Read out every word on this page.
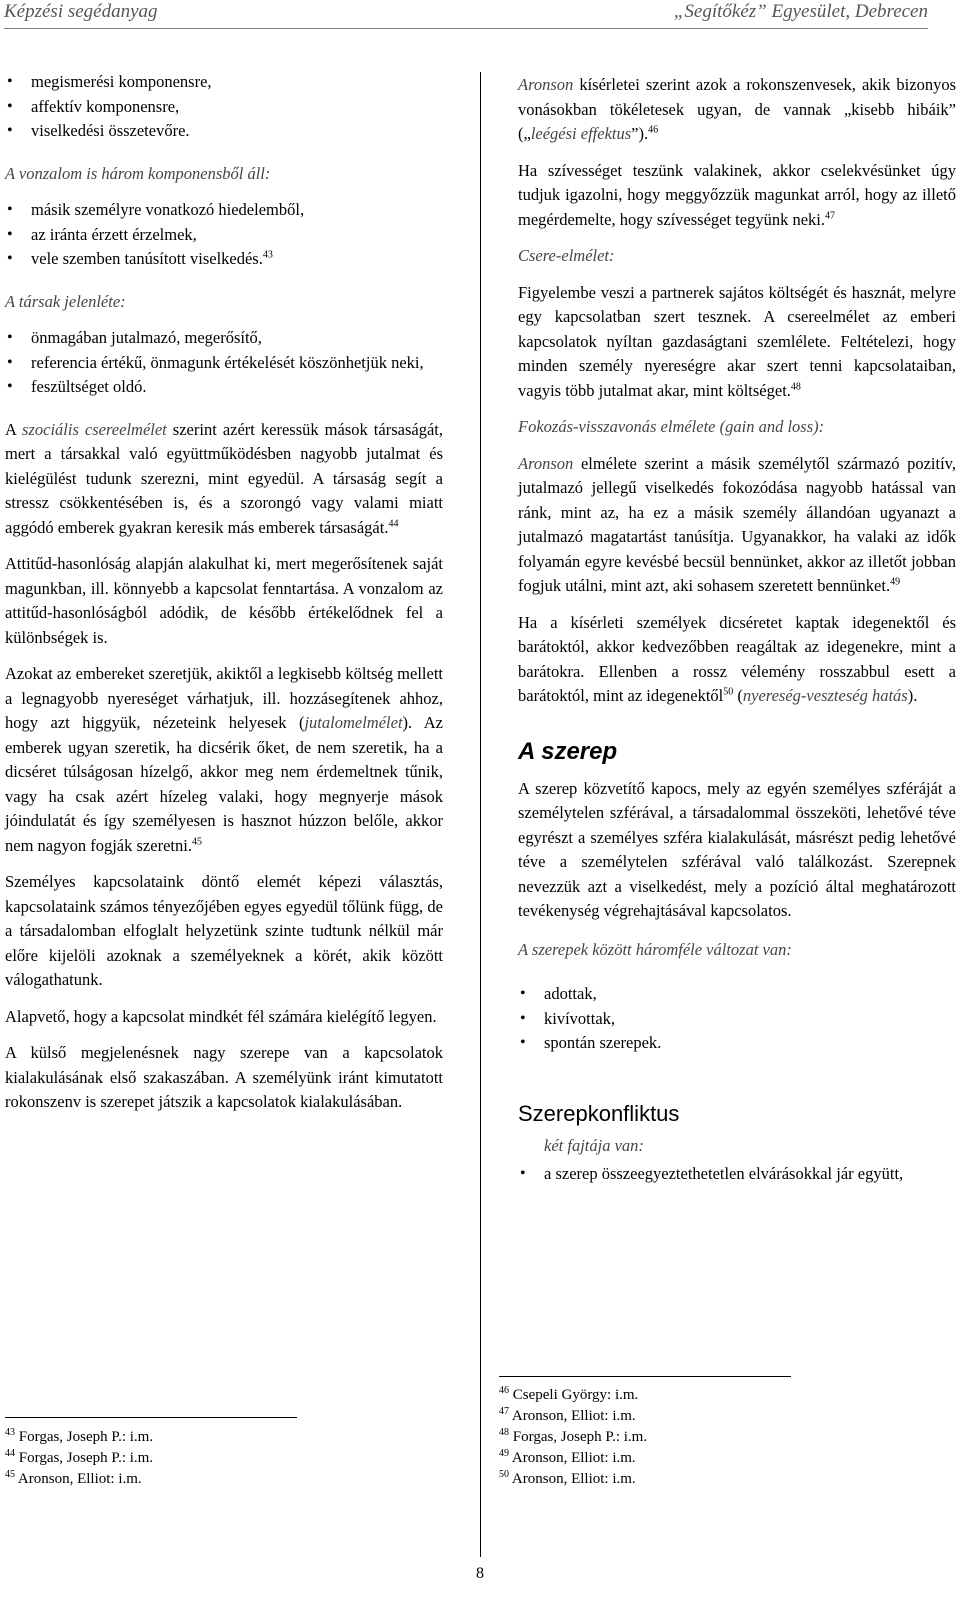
Képzési segédanyag	„Segítőkéz” Egyesület, Debrecen
• megismerési komponensre,
• affektív komponensre,
• viselkedési összetevőre.
A vonzalom is három komponensből áll:
• másik személyre vonatkozó hiedelemből,
• az iránta érzett érzelmek,
• vele szemben tanúsított viselkedés.$^{43}$
A társak jelenléte:
• önmagában jutalmazó, megerősítő,
• referencia értékű, önmagunk értékelését köszönhetjük neki,
• feszültséget oldó.

A szociális csereelmélet szerint azért keressük mások társaságát, mert a társakkal való együttműködésben nagyobb jutalmat és kielégülést tudunk szerezni, mint egyedül. A társaság segít a stressz csökkentésében is, és a szorongó vagy valami miatt aggódó emberek gyakran keresik más emberek társaságát.$^{44}$

Attitűd-hasonlóság alapján alakulhat ki, mert megerősítenek saját magunkban, ill. könnyebb a kapcsolat fenntartása. A vonzalom az attitűd-hasonlóságból adódik, de később értékelődnek fel a különbségek is.

Azokat az embereket szeretjük, akiktől a legkisebb költség mellett a legnagyobb nyereséget várhatjuk, ill. hozzásegítenek ahhoz, hogy azt higgyük, nézeteink helyesek (jutalomelmélet). Az emberek ugyan szeretik, ha dicsérik őket, de nem szeretik, ha a dicséret túlságosan hízelgő, akkor meg nem érdemeltnek tűnik, vagy ha csak azért hízeleg valaki, hogy megnyerje mások jóindulatát és így személyesen is hasznot húzzon belőle, akkor nem nagyon fogják szeretni.$^{45}$

Személyes kapcsolataink döntő elemét képezi választás, kapcsolataink számos tényezőjében egyes egyedül tőlünk függ, de a társadalomban elfoglalt helyzetünk szinte tudtunk nélkül már előre kijelöli azoknak a személyeknek a körét, akik között válogathatunk.

Alapvető, hogy a kapcsolat mindkét fél számára kielégítő legyen.

A külső megjelenésnek nagy szerepe van a kapcsolatok kialakulásának első szakaszában. A személyünk iránt kimutatott rokonszenv is szerepet játszik a kapcsolatok kialakulásában.

Aronson kísérletei szerint azok a rokonszenvesek, akik bizonyos vonásokban tökéletesek ugyan, de vannak „kisebb hibáik” („leégési effektus”).$^{46}$

Ha szívességet teszünk valakinek, akkor cselekvésünket úgy tudjuk igazolni, hogy meggyőzzük magunkat arról, hogy az illető megérdemelte, hogy szívességet tegyünk neki.$^{47}$

Csere-elmélet:

Figyelembe veszi a partnerek sajátos költségét és hasznát, melyre egy kapcsolatban szert tesznek. A csereelmélet az emberi kapcsolatok nyíltan gazdaságtani szemlélete. Feltételezi, hogy minden személy nyereségre akar szert tenni kapcsolataiban, vagyis több jutalmat akar, mint költséget.$^{48}$

Fokozás-visszavonás elmélete (gain and loss):

Aronson elmélete szerint a másik személytől származó pozitív, jutalmazó jellegű viselkedés fokozódása nagyobb hatással van ránk, mint az, ha ez a másik személy állandóan ugyanazt a jutalmazó magatartást tanúsítja. Ugyanakkor, ha valaki az idők folyamán egyre kevésbé becsül bennünket, akkor az illetőt jobban fogjuk utálni, mint azt, aki sohasem szeretett bennünket.$^{49}$

Ha a kísérleti személyek dicséretet kaptak idegenektől és barátoktól, akkor kedvezőbben reagáltak az idegenekre, mint a barátokra. Ellenben a rossz vélemény rosszabbul esett a barátoktól, mint az idegenektől$^{50}$ (nyereség-veszteség hatás).

A szerep

A szerep közvetítő kapocs, mely az egyén személyes szféráját a személytelen szférával, a társadalommal összeköti, lehetővé téve egyrészt a személyes szféra kialakulását, másrészt pedig lehetővé téve a személytelen szférával való találkozást. Szerepnek nevezzük azt a viselkedést, mely a pozíció által meghatározott tevékenység végrehajtásával kapcsolatos.

A szerepek között háromféle változat van:
• adottak,
• kivívottak,
• spontán szerepek.
Szerepkonfliktus
két fajtája van:
• a szerep összeegyeztethetetlen elvárásokkal jár együtt,
$^{43}$ Forgas, Joseph P.: i.m.
$^{44}$ Forgas, Joseph P.: i.m.
$^{45}$ Aronson, Elliot: i.m.
$^{46}$ Csepeli György: i.m.
$^{47}$ Aronson, Elliot: i.m.
$^{48}$ Forgas, Joseph P.: i.m.
$^{49}$ Aronson, Elliot: i.m.
$^{50}$ Aronson, Elliot: i.m.
8
